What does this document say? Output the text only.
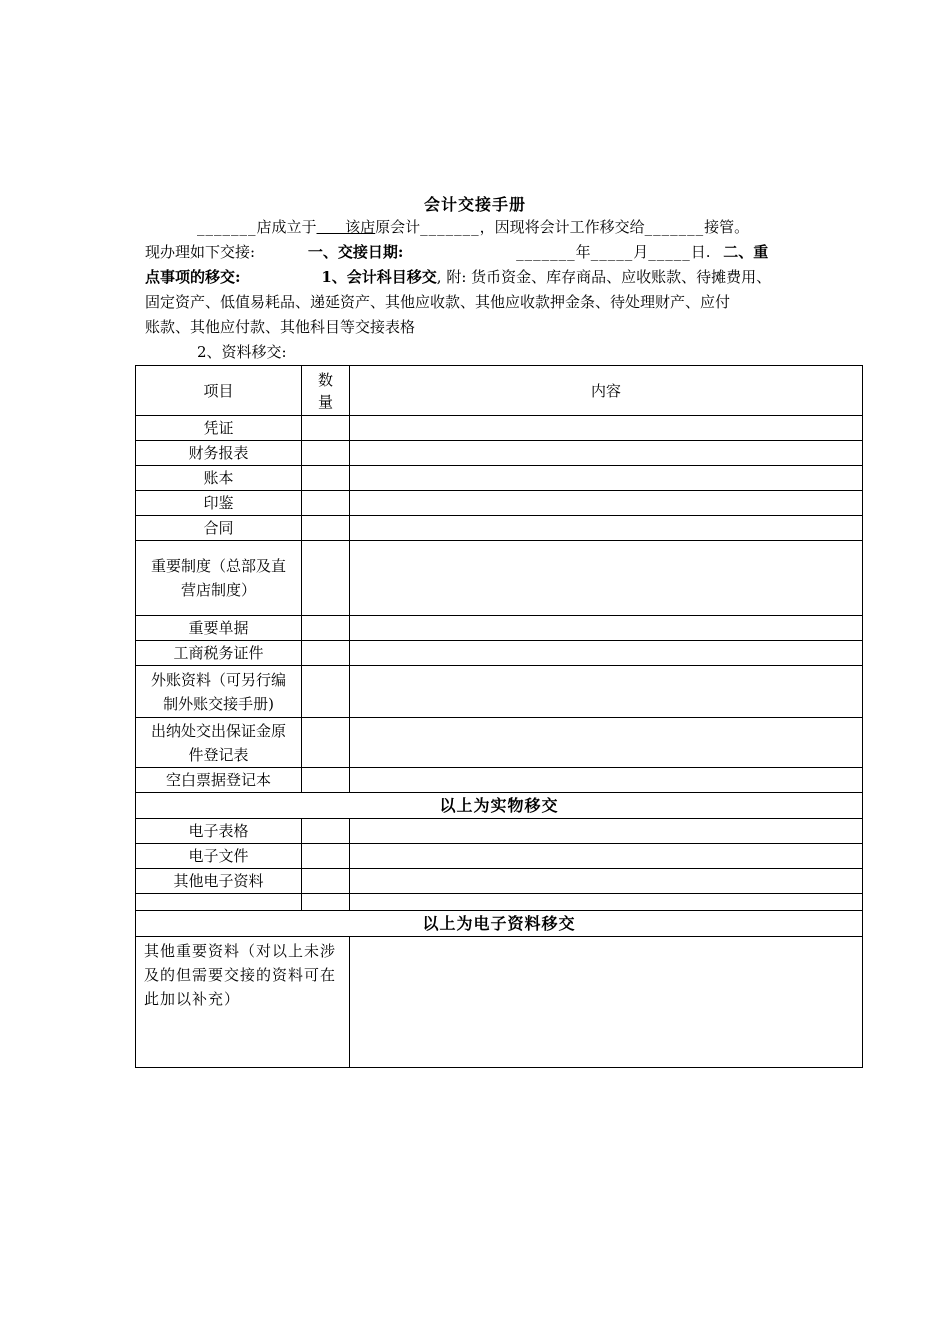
会计交接手册
_______店成立于      该店原会计_______，因现将会计工作移交给_______接管。
现办理如下交接:	一、交接日期:	_______年_____月_____日. 二、重
点事项的移交:	1、会计科目移交, 附: 货币资金、库存商品、应收账款、待摊费用、
固定资产、低值易耗品、递延资产、其他应收款、其他应收款押金条、待处理财产、应付
账款、其他应付款、其他科目等交接表格
2、资料移交:
项目	数量	内容
凭证		
财务报表		
账本		
印鉴		
合同		
重要制度（总部及直营店制度）		
重要单据		
工商税务证件		
外账资料（可另行编制外账交接手册)		
出纳处交出保证金原件登记表		
空白票据登记本		
以上为实物移交		
电子表格		
电子文件		
其他电子资料		

以上为电子资料移交		
其他重要资料（对以上未涉及的但需要交接的资料可在此加以补充）		
